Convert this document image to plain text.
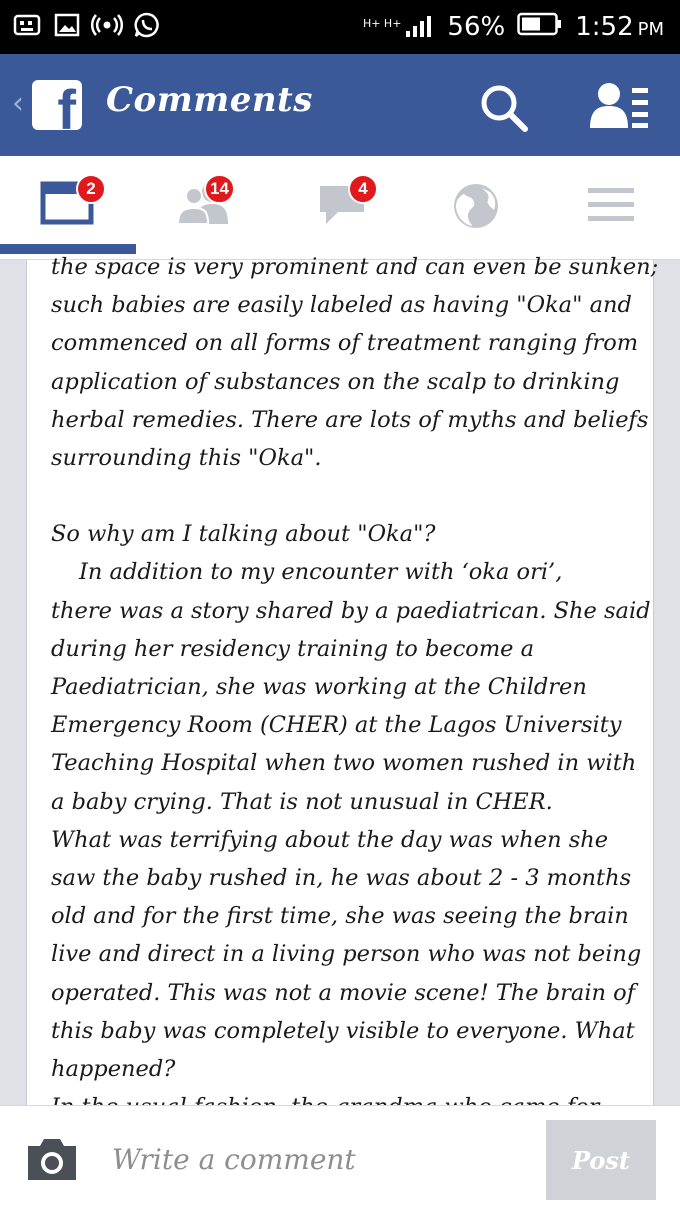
H+ H+ 56%	1:52 PM
‹ f Comments
2	14	4

the space is very prominent and can even be sunken;

such babies are easily labeled as having "Oka" and

commenced on all forms of treatment ranging from

application of substances on the scalp to drinking

herbal remedies. There are lots of myths and beliefs

surrounding this "Oka".

So why am I talking about "Oka"?

In addition to my encounter with ‘oka ori’,

there was a story shared by a paediatrican. She said

during her residency training to become a

Paediatrician, she was working at the Children

Emergency Room (CHER) at the Lagos University

Teaching Hospital when two women rushed in with

a baby crying. That is not unusual in CHER.

What was terrifying about the day was when she

saw the baby rushed in, he was about 2 - 3 months

old and for the first time, she was seeing the brain

live and direct in a living person who was not being

operated. This was not a movie scene! The brain of

this baby was completely visible to everyone. What

happened?

Write a comment
Post
